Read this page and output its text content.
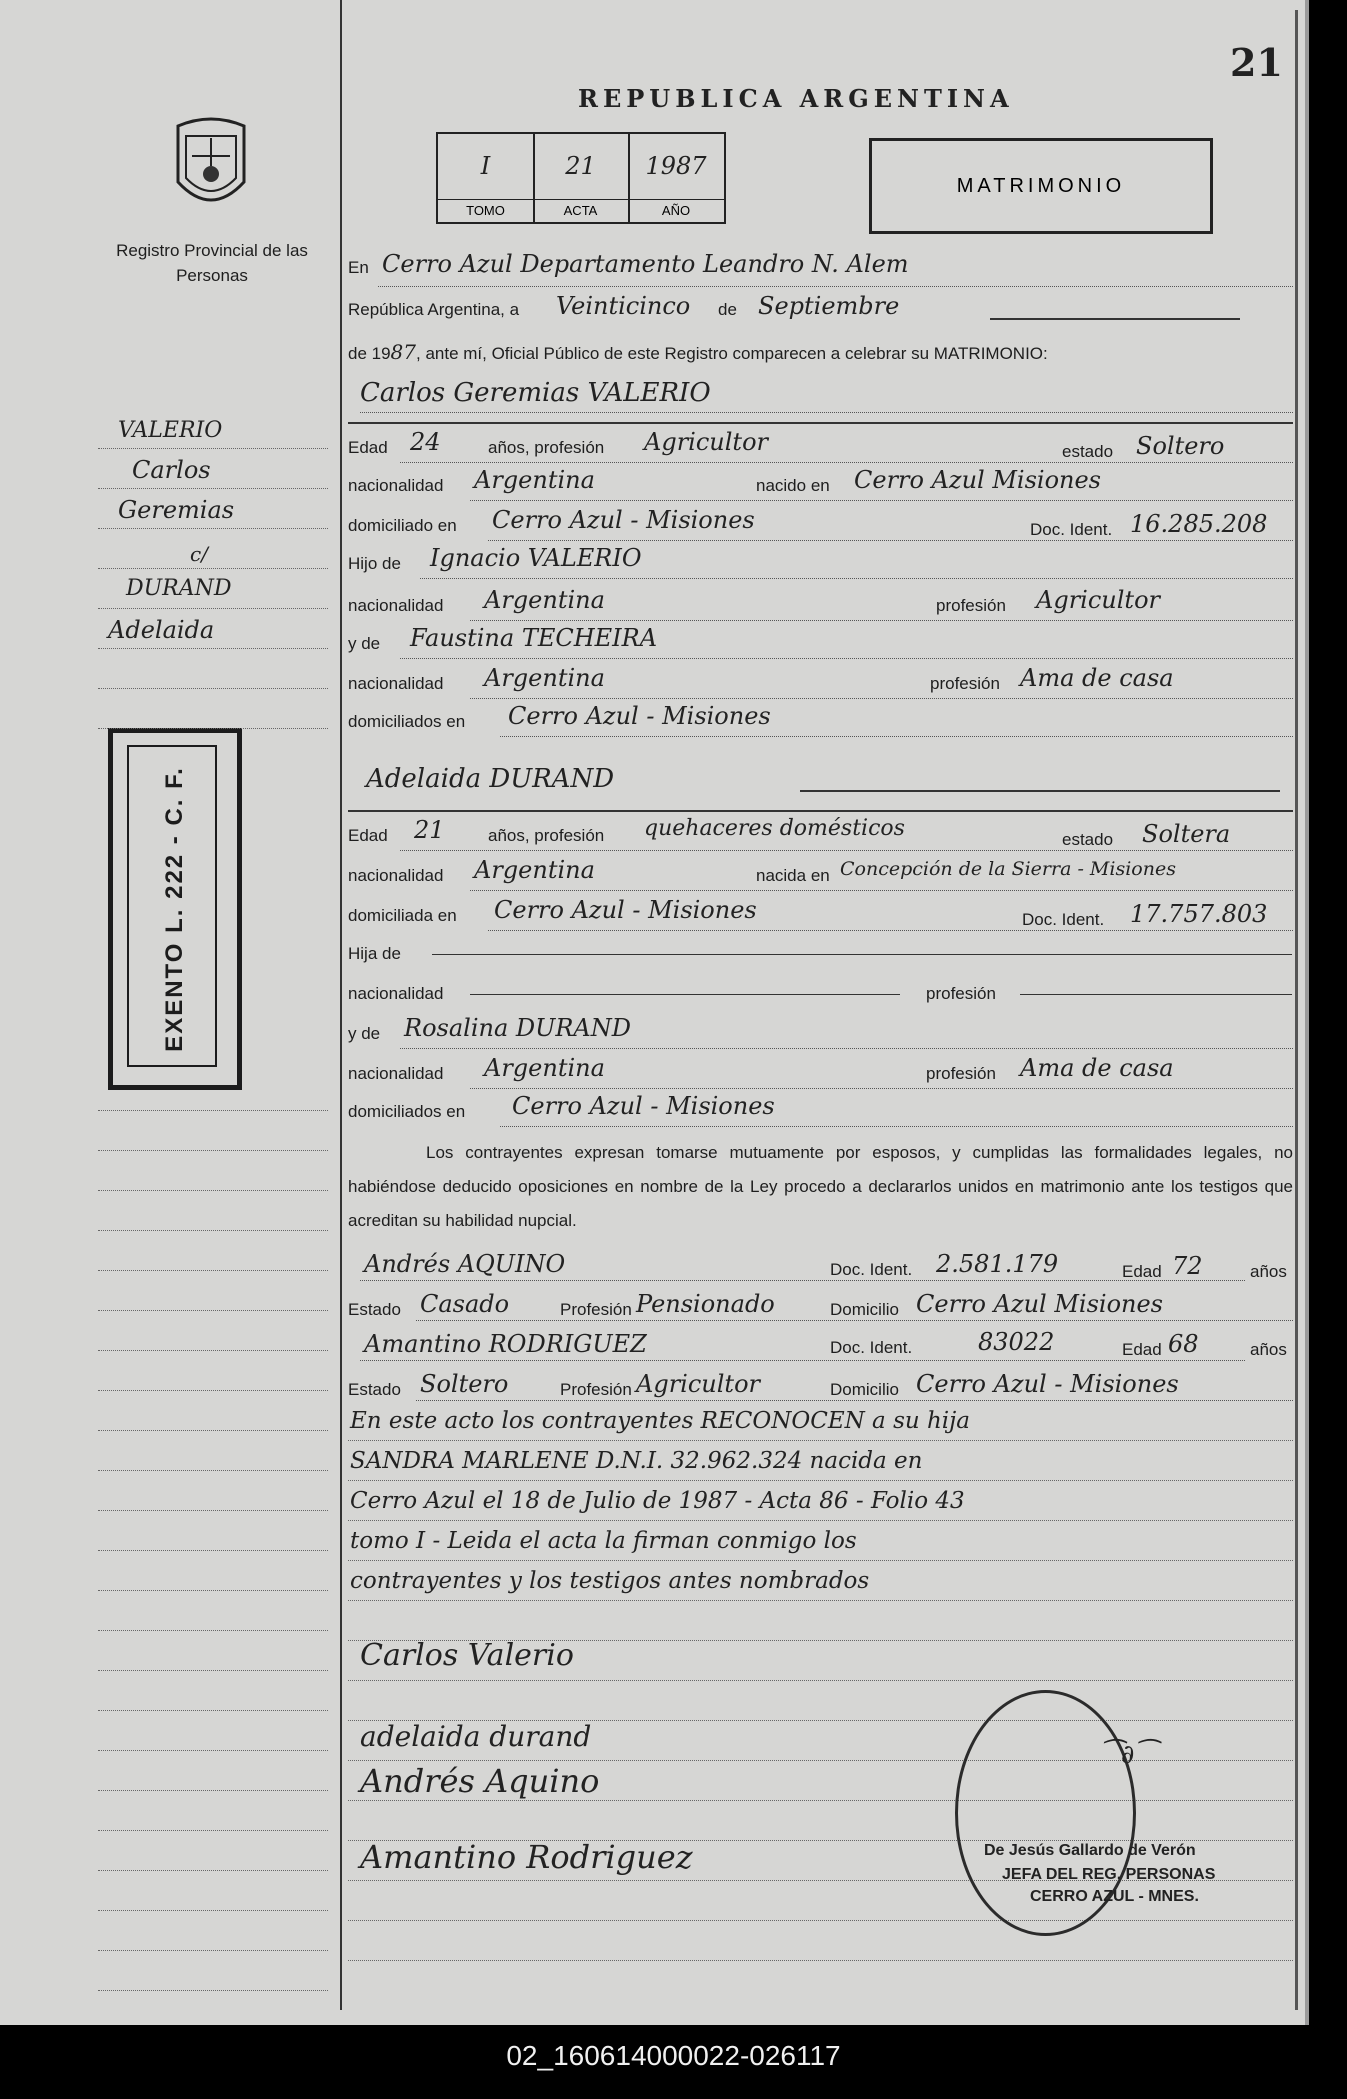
21
REPUBLICA ARGENTINA
Registro Provincial de las Personas
I
TOMO
21
ACTA
1987
AÑO
MATRIMONIO
En Cerro Azul Departamento Leandro N. Alem
República Argentina, a Veinticinco de Septiembre
de 1987, ante mí, Oficial Público de este Registro comparecen a celebrar su MATRIMONIO:
Carlos Geremias VALERIO
VALERIO
Carlos
Geremias
c/
DURAND
Adelaida
EXENTO L. 222 - C. F.
Edad 24	años, profesión Agricultor	estado Soltero
nacionalidad Argentina	nacido en Cerro Azul Misiones
domiciliado en Cerro Azul - Misiones	Doc. Ident. 16.285.208
Hijo de Ignacio VALERIO
nacionalidad Argentina	profesión Agricultor
y de Faustina TECHEIRA
nacionalidad Argentina	profesión Ama de casa
domiciliados en Cerro Azul - Misiones
Adelaida DURAND
Edad 21	años, profesión quehaceres domésticos	estado Soltera
nacionalidad Argentina	nacida en Concepción de la Sierra - Misiones
domiciliada en Cerro Azul - Misiones	Doc. Ident. 17.757.803
Hija de
nacionalidad	profesión
y de Rosalina DURAND
nacionalidad Argentina	profesión Ama de casa
domiciliados en Cerro Azul - Misiones
Los contrayentes expresan tomarse mutuamente por esposos, y cumplidas las formalidades legales, no habiéndose deducido oposiciones en nombre de la Ley procedo a declararlos unidos en matrimonio ante los testigos que acreditan su habilidad nupcial.
Andrés AQUINO	Doc. Ident. 2.581.179	Edad 72	años
Estado Casado	Profesión Pensionado	Domicilio Cerro Azul Misiones
Amantino RODRIGUEZ	Doc. Ident.	83022	Edad 68	años
Estado Soltero	Profesión Agricultor	Domicilio Cerro Azul - Misiones
En este acto los contrayentes RECONOCEN a su hija
SANDRA MARLENE D.N.I. 32.962.324 nacida en
Cerro Azul el 18 de Julio de 1987 - Acta 86 - Folio 43
tomo I - Leida el acta la firman conmigo los
contrayentes y los testigos antes nombrados
Carlos Valerio
adelaida durand
Andrés Aquino
Amantino Rodriguez
⁀∂⁀
De Jesús Gallardo de Verón
JEFA DEL REG. PERSONAS
CERRO AZUL - MNES.
02_160614000022-026117
